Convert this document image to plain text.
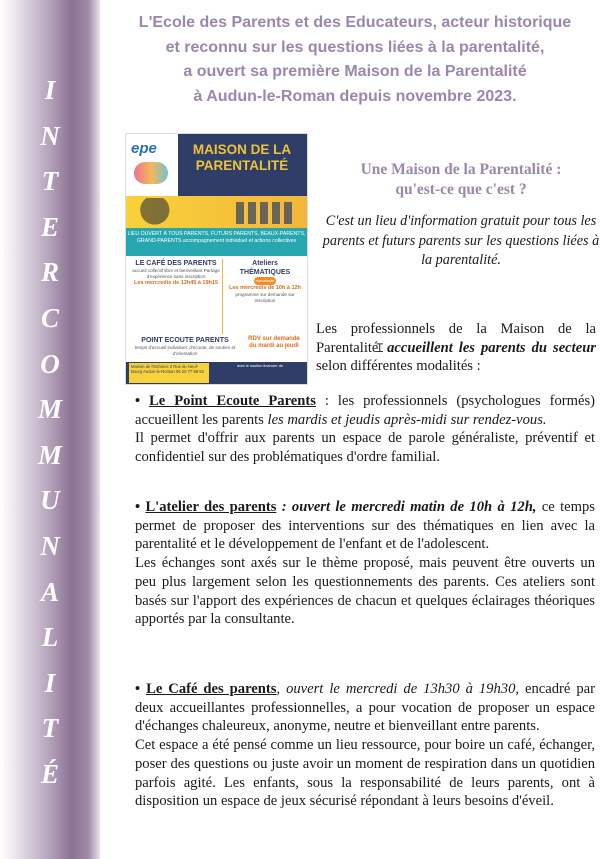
I
N
T
E
R
C
O
M
M
U
N
A
L
I
T
É
L'Ecole des Parents et des Educateurs, acteur historique
et reconnu sur les questions liées à la parentalité,
a ouvert sa première Maison de la Parentalité
à Audun-le-Roman depuis novembre 2023.
epe	MAISON DE LA PARENTALITÉ
LIEU OUVERT À TOUS PARENTS, FUTURS PARENTS, BEAUX-PARENTS, GRAND-PARENTS accompagnement individuel et actions collectives
LE CAFÉ DES PARENTS
accueil collectif libre et bienveillant Partage d'expérience sans inscription
Les mercredis de 13h45 à 19h15
Ateliers THÉMATIQUES
nouveauté
Les mercredis de 10h à 12h
programme sur demande sur inscription
POINT ECOUTE PARENTS
temps d'accueil individuel, d'écoute, de soutien et d'orientation
RDV sur demande du mardi au jeudi
Maison de l'Enfance 2 Rue du Neuf-Bourg Audun-le-Roman 06 20 77 99 53
avec le soutien financier de
Une Maison de la Parentalité :
qu'est-ce que c'est ?

C'est un lieu d'information gratuit pour tous les parents et futurs parents sur les questions liées à la parentalité.

Les professionnels de la Maison de la ParentalitéꞮ accueillent les parents du secteur selon différentes modalités :

• Le Point Ecoute Parents : les professionnels (psychologues formés) accueillent les parents les mardis et jeudis après-midi sur rendez-vous.

Il permet d'offrir aux parents un espace de parole généraliste, préventif et confidentiel sur des problématiques d'ordre familial.

• L'atelier des parents : ouvert le mercredi matin de 10h à 12h, ce temps permet de proposer des interventions sur des thématiques en lien avec la parentalité et le développement de l'enfant et de l'adolescent.

Les échanges sont axés sur le thème proposé, mais peuvent être ouverts un peu plus largement selon les questionnements des parents. Ces ateliers sont basés sur l'apport des expériences de chacun et quelques éclairages théoriques apportés par la consultante.

• Le Café des parents, ouvert le mercredi de 13h30 à 19h30, encadré par deux accueillantes professionnelles, a pour vocation de proposer un espace d'échanges chaleureux, anonyme, neutre et bienveillant entre parents.

Cet espace a été pensé comme un lieu ressource, pour boire un café, échanger, poser des questions ou juste avoir un moment de respiration dans un quotidien parfois agité. Les enfants, sous la responsabilité de leurs parents, ont à disposition un espace de jeux sécurisé répondant à leurs besoins d'éveil.
